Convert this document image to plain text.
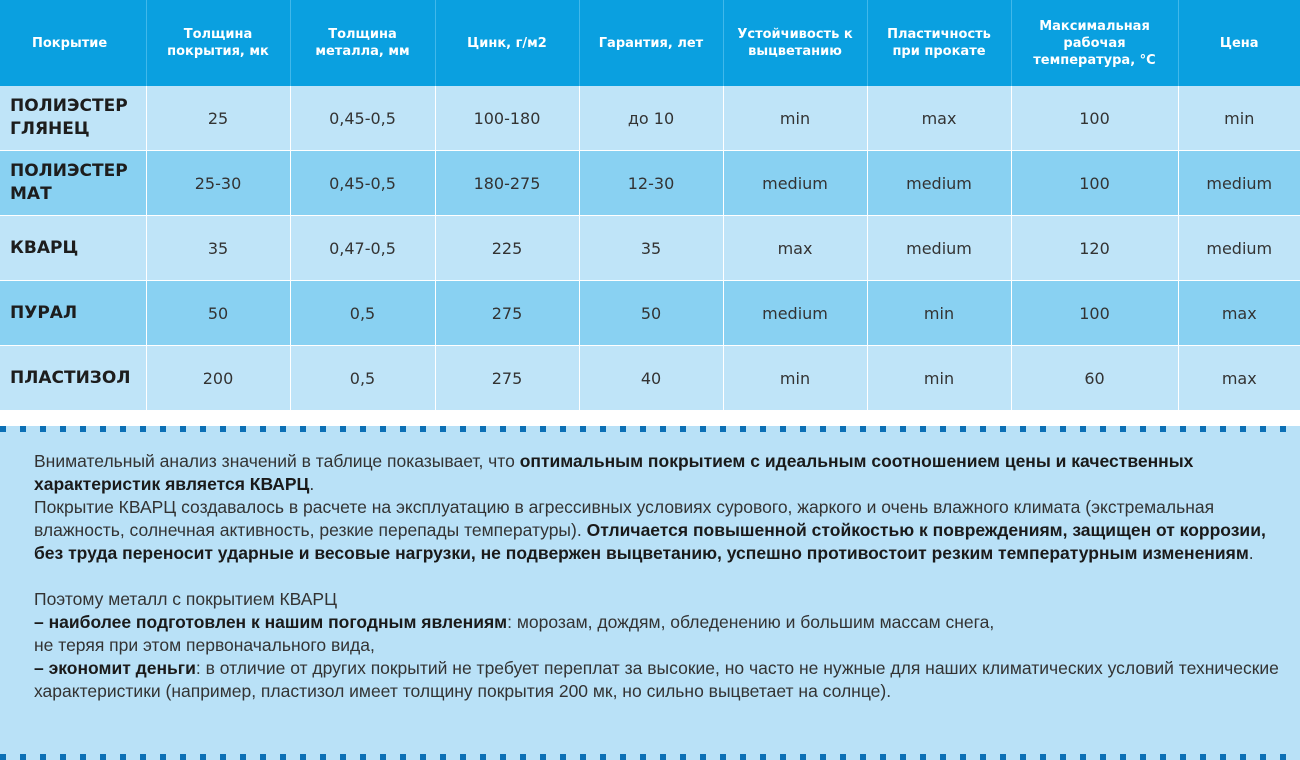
Покрытие	Толщина покрытия, мк	Толщина металла, мм	Цинк, г/м2	Гарантия, лет	Устойчивость к выцветанию	Пластичность при прокате	Максимальная рабочая температура, °С	Цена
ПОЛИЭСТЕР ГЛЯНЕЦ	25	0,45-0,5	100-180	до 10	min	max	100	min
ПОЛИЭСТЕР МАТ	25-30	0,45-0,5	180-275	12-30	medium	medium	100	medium
КВАРЦ	35	0,47-0,5	225	35	max	medium	120	medium
ПУРАЛ	50	0,5	275	50	medium	min	100	max
ПЛАСТИЗОЛ	200	0,5	275	40	min	min	60	max

Внимательный анализ значений в таблице показывает, что оптимальным покрытием с идеальным соотношением цены и качественных характеристик является КВАРЦ.

Покрытие КВАРЦ создавалось в расчете на эксплуатацию в агрессивных условиях сурового, жаркого и очень влажного климата (экстремальная влажность, солнечная активность, резкие перепады температуры). Отличается повышенной стойкостью к повреждениям, защищен от коррозии, без труда переносит ударные и весовые нагрузки, не подвержен выцветанию, успешно противостоит резким температурным изменениям.

Поэтому металл с покрытием КВАРЦ

– наиболее подготовлен к нашим погодным явлениям: морозам, дождям, обледенению и большим массам снега,

не теряя при этом первоначального вида,

– экономит деньги: в отличие от других покрытий не требует переплат за высокие, но часто не нужные для наших климатических условий технические характеристики (например, пластизол имеет толщину покрытия 200 мк, но сильно выцветает на солнце).
